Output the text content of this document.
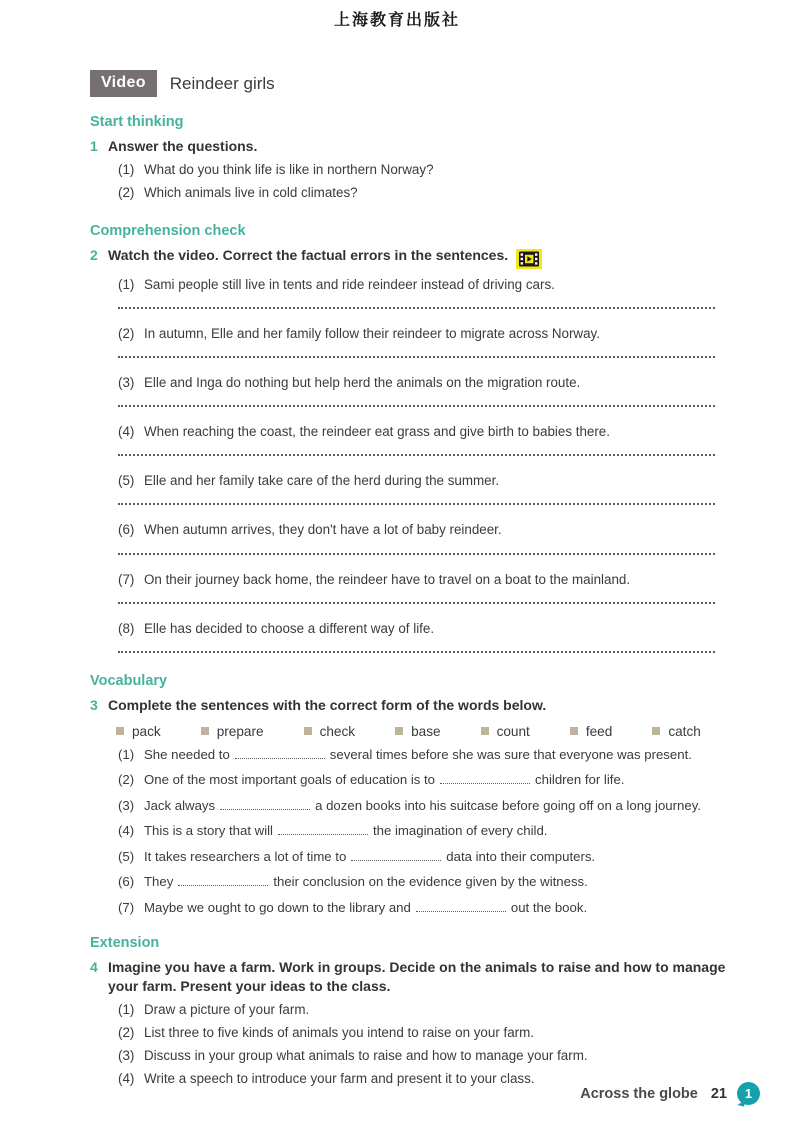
上海教育出版社
Video	Reindeer girls
Start thinking
1 Answer the questions.
(1) What do you think life is like in northern Norway?
(2) Which animals live in cold climates?
Comprehension check
2 Watch the video. Correct the factual errors in the sentences.
(1) Sami people still live in tents and ride reindeer instead of driving cars.
(2) In autumn, Elle and her family follow their reindeer to migrate across Norway.
(3) Elle and Inga do nothing but help herd the animals on the migration route.
(4) When reaching the coast, the reindeer eat grass and give birth to babies there.
(5) Elle and her family take care of the herd during the summer.
(6) When autumn arrives, they don't have a lot of baby reindeer.
(7) On their journey back home, the reindeer have to travel on a boat to the mainland.
(8) Elle has decided to choose a different way of life.
Vocabulary
3 Complete the sentences with the correct form of the words below.
pack	prepare	check	base	count	feed	catch
(1) She needed to	several times before she was sure that everyone was present.
(2) One of the most important goals of education is to	children for life.
(3) Jack always	a dozen books into his suitcase before going off on a long journey.
(4) This is a story that will	the imagination of every child.
(5) It takes researchers a lot of time to	data into their computers.
(6) They	their conclusion on the evidence given by the witness.
(7) Maybe we ought to go down to the library and	out the book.
Extension
4 Imagine you have a farm. Work in groups. Decide on the animals to raise and how to manage your farm. Present your ideas to the class.
(1) Draw a picture of your farm.
(2) List three to five kinds of animals you intend to raise on your farm.
(3) Discuss in your group what animals to raise and how to manage your farm.
(4) Write a speech to introduce your farm and present it to your class.
Across the globe 21	1
